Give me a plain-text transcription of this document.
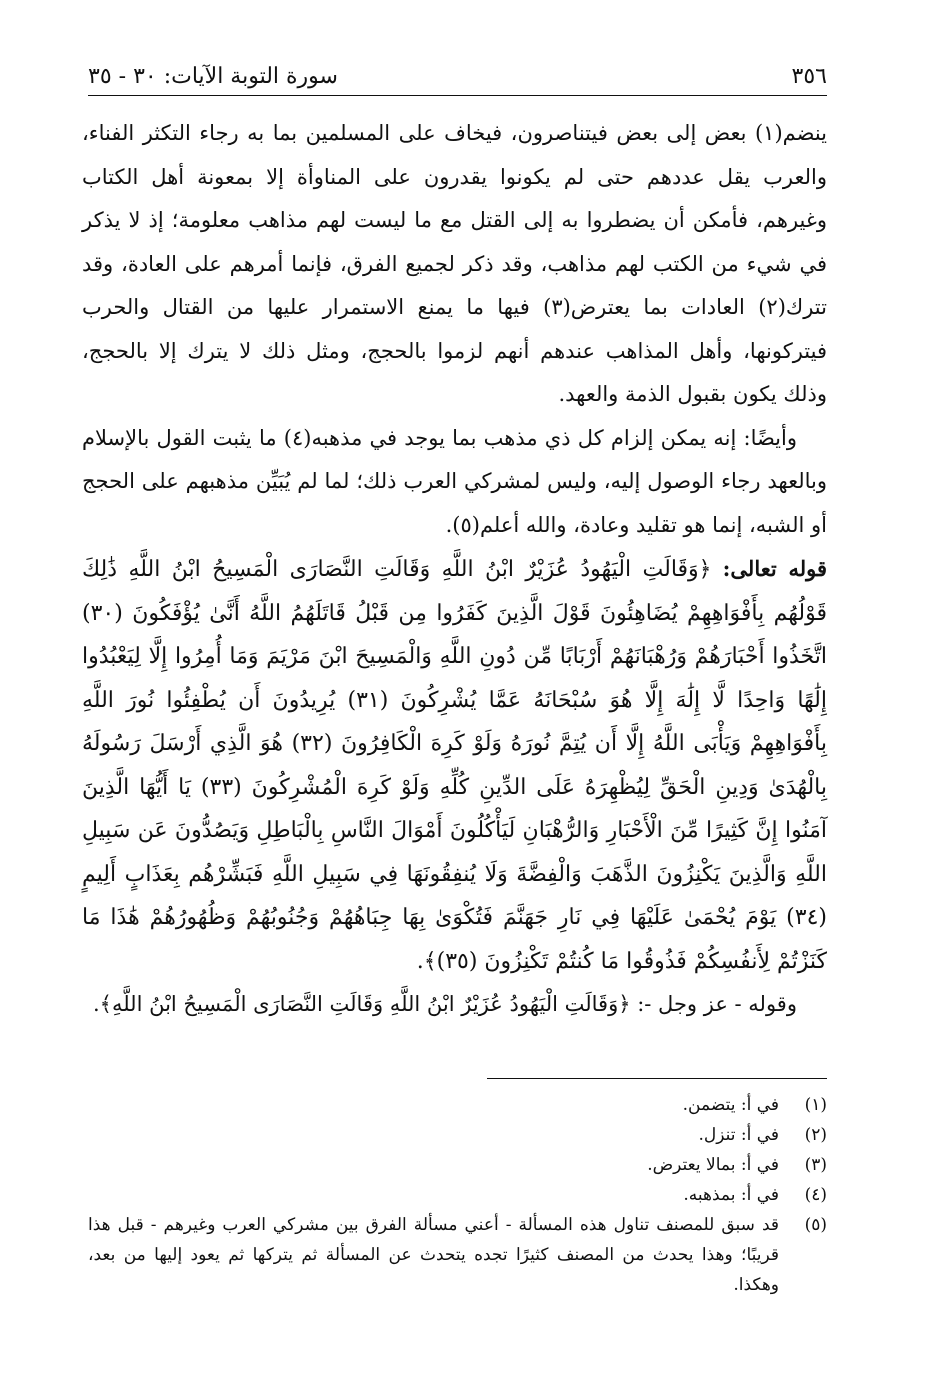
٣٥٦
سورة التوبة الآيات: ٣٠ - ٣٥

ينضم(١) بعض إلى بعض فيتناصرون، فيخاف على المسلمين بما به رجاء التكثر الفناء، والعرب يقل عددهم حتى لم يكونوا يقدرون على المناوأة إلا بمعونة أهل الكتاب وغيرهم، فأمكن أن يضطروا به إلى القتل مع ما ليست لهم مذاهب معلومة؛ إذ لا يذكر في شيء من الكتب لهم مذاهب، وقد ذكر لجميع الفرق، فإنما أمرهم على العادة، وقد تترك(٢) العادات بما يعترض(٣) فيها ما يمنع الاستمرار عليها من القتال والحرب فيتركونها، وأهل المذاهب عندهم أنهم لزموا بالحجج، ومثل ذلك لا يترك إلا بالحجج، وذلك يكون بقبول الذمة والعهد.

وأيضًا: إنه يمكن إلزام كل ذي مذهب بما يوجد في مذهبه(٤) ما يثبت القول بالإسلام وبالعهد رجاء الوصول إليه، وليس لمشركي العرب ذلك؛ لما لم يُبَيِّن مذهبهم على الحجج أو الشبه، إنما هو تقليد وعادة، والله أعلم(٥).

قوله تعالى: ﴿وَقَالَتِ الْيَهُودُ عُزَيْرٌ ابْنُ اللَّهِ وَقَالَتِ النَّصَارَى الْمَسِيحُ ابْنُ اللَّهِ ذَٰلِكَ قَوْلُهُم بِأَفْوَاهِهِمْ يُضَاهِئُونَ قَوْلَ الَّذِينَ كَفَرُوا مِن قَبْلُ قَاتَلَهُمُ اللَّهُ أَنَّىٰ يُؤْفَكُونَ (٣٠) اتَّخَذُوا أَحْبَارَهُمْ وَرُهْبَانَهُمْ أَرْبَابًا مِّن دُونِ اللَّهِ وَالْمَسِيحَ ابْنَ مَرْيَمَ وَمَا أُمِرُوا إِلَّا لِيَعْبُدُوا إِلَٰهًا وَاحِدًا لَّا إِلَٰهَ إِلَّا هُوَ سُبْحَانَهُ عَمَّا يُشْرِكُونَ (٣١) يُرِيدُونَ أَن يُطْفِئُوا نُورَ اللَّهِ بِأَفْوَاهِهِمْ وَيَأْبَى اللَّهُ إِلَّا أَن يُتِمَّ نُورَهُ وَلَوْ كَرِهَ الْكَافِرُونَ (٣٢) هُوَ الَّذِي أَرْسَلَ رَسُولَهُ بِالْهُدَىٰ وَدِينِ الْحَقِّ لِيُظْهِرَهُ عَلَى الدِّينِ كُلِّهِ وَلَوْ كَرِهَ الْمُشْرِكُونَ (٣٣) يَا أَيُّهَا الَّذِينَ آمَنُوا إِنَّ كَثِيرًا مِّنَ الْأَحْبَارِ وَالرُّهْبَانِ لَيَأْكُلُونَ أَمْوَالَ النَّاسِ بِالْبَاطِلِ وَيَصُدُّونَ عَن سَبِيلِ اللَّهِ وَالَّذِينَ يَكْنِزُونَ الذَّهَبَ وَالْفِضَّةَ وَلَا يُنفِقُونَهَا فِي سَبِيلِ اللَّهِ فَبَشِّرْهُم بِعَذَابٍ أَلِيمٍ (٣٤) يَوْمَ يُحْمَىٰ عَلَيْهَا فِي نَارِ جَهَنَّمَ فَتُكْوَىٰ بِهَا جِبَاهُهُمْ وَجُنُوبُهُمْ وَظُهُورُهُمْ هَٰذَا مَا كَنَزْتُمْ لِأَنفُسِكُمْ فَذُوقُوا مَا كُنتُمْ تَكْنِزُونَ (٣٥)﴾.

وقوله - عز وجل -: ﴿وَقَالَتِ الْيَهُودُ عُزَيْرٌ ابْنُ اللَّهِ وَقَالَتِ النَّصَارَى الْمَسِيحُ ابْنُ اللَّهِ﴾.

(١)
في أ: يتضمن.
(٢)
في أ: تنزل.
(٣)
في أ: بمالا يعترض.
(٤)
في أ: بمذهبه.
(٥)
قد سبق للمصنف تناول هذه المسألة - أعني مسألة الفرق بين مشركي العرب وغيرهم - قبل هذا قريبًا؛ وهذا يحدث من المصنف كثيرًا تجده يتحدث عن المسألة ثم يتركها ثم يعود إليها من بعد، وهكذا.
